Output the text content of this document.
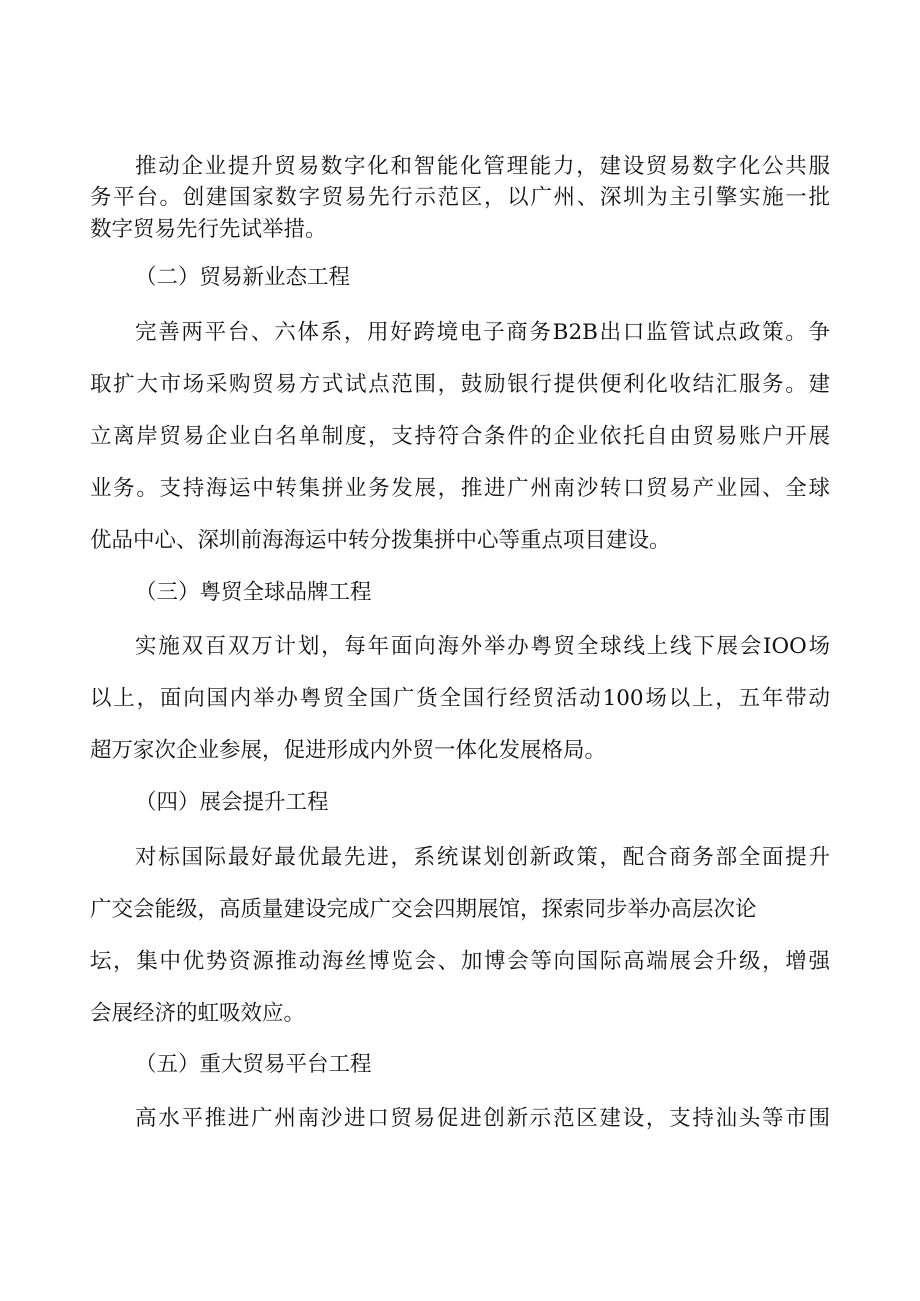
推动企业提升贸易数字化和智能化管理能力，建设贸易数字化公共服
务平台。创建国家数字贸易先行示范区，以广州、深圳为主引擎实施一批
数字贸易先行先试举措。
（二）贸易新业态工程
完善两平台、六体系，用好跨境电子商务B2B出口监管试点政策。争
取扩大市场采购贸易方式试点范围，鼓励银行提供便利化收结汇服务。建
立离岸贸易企业白名单制度，支持符合条件的企业依托自由贸易账户开展
业务。支持海运中转集拼业务发展，推进广州南沙转口贸易产业园、全球
优品中心、深圳前海海运中转分拨集拼中心等重点项目建设。
（三）粤贸全球品牌工程
实施双百双万计划，每年面向海外举办粤贸全球线上线下展会IOO场
以上，面向国内举办粤贸全国广货全国行经贸活动100场以上，五年带动
超万家次企业参展，促进形成内外贸一体化发展格局。
（四）展会提升工程
对标国际最好最优最先进，系统谋划创新政策，配合商务部全面提升
广交会能级，高质量建设完成广交会四期展馆，探索同步举办高层次论
坛，集中优势资源推动海丝博览会、加博会等向国际高端展会升级，增强
会展经济的虹吸效应。
（五）重大贸易平台工程
高水平推进广州南沙进口贸易促进创新示范区建设，支持汕头等市围
